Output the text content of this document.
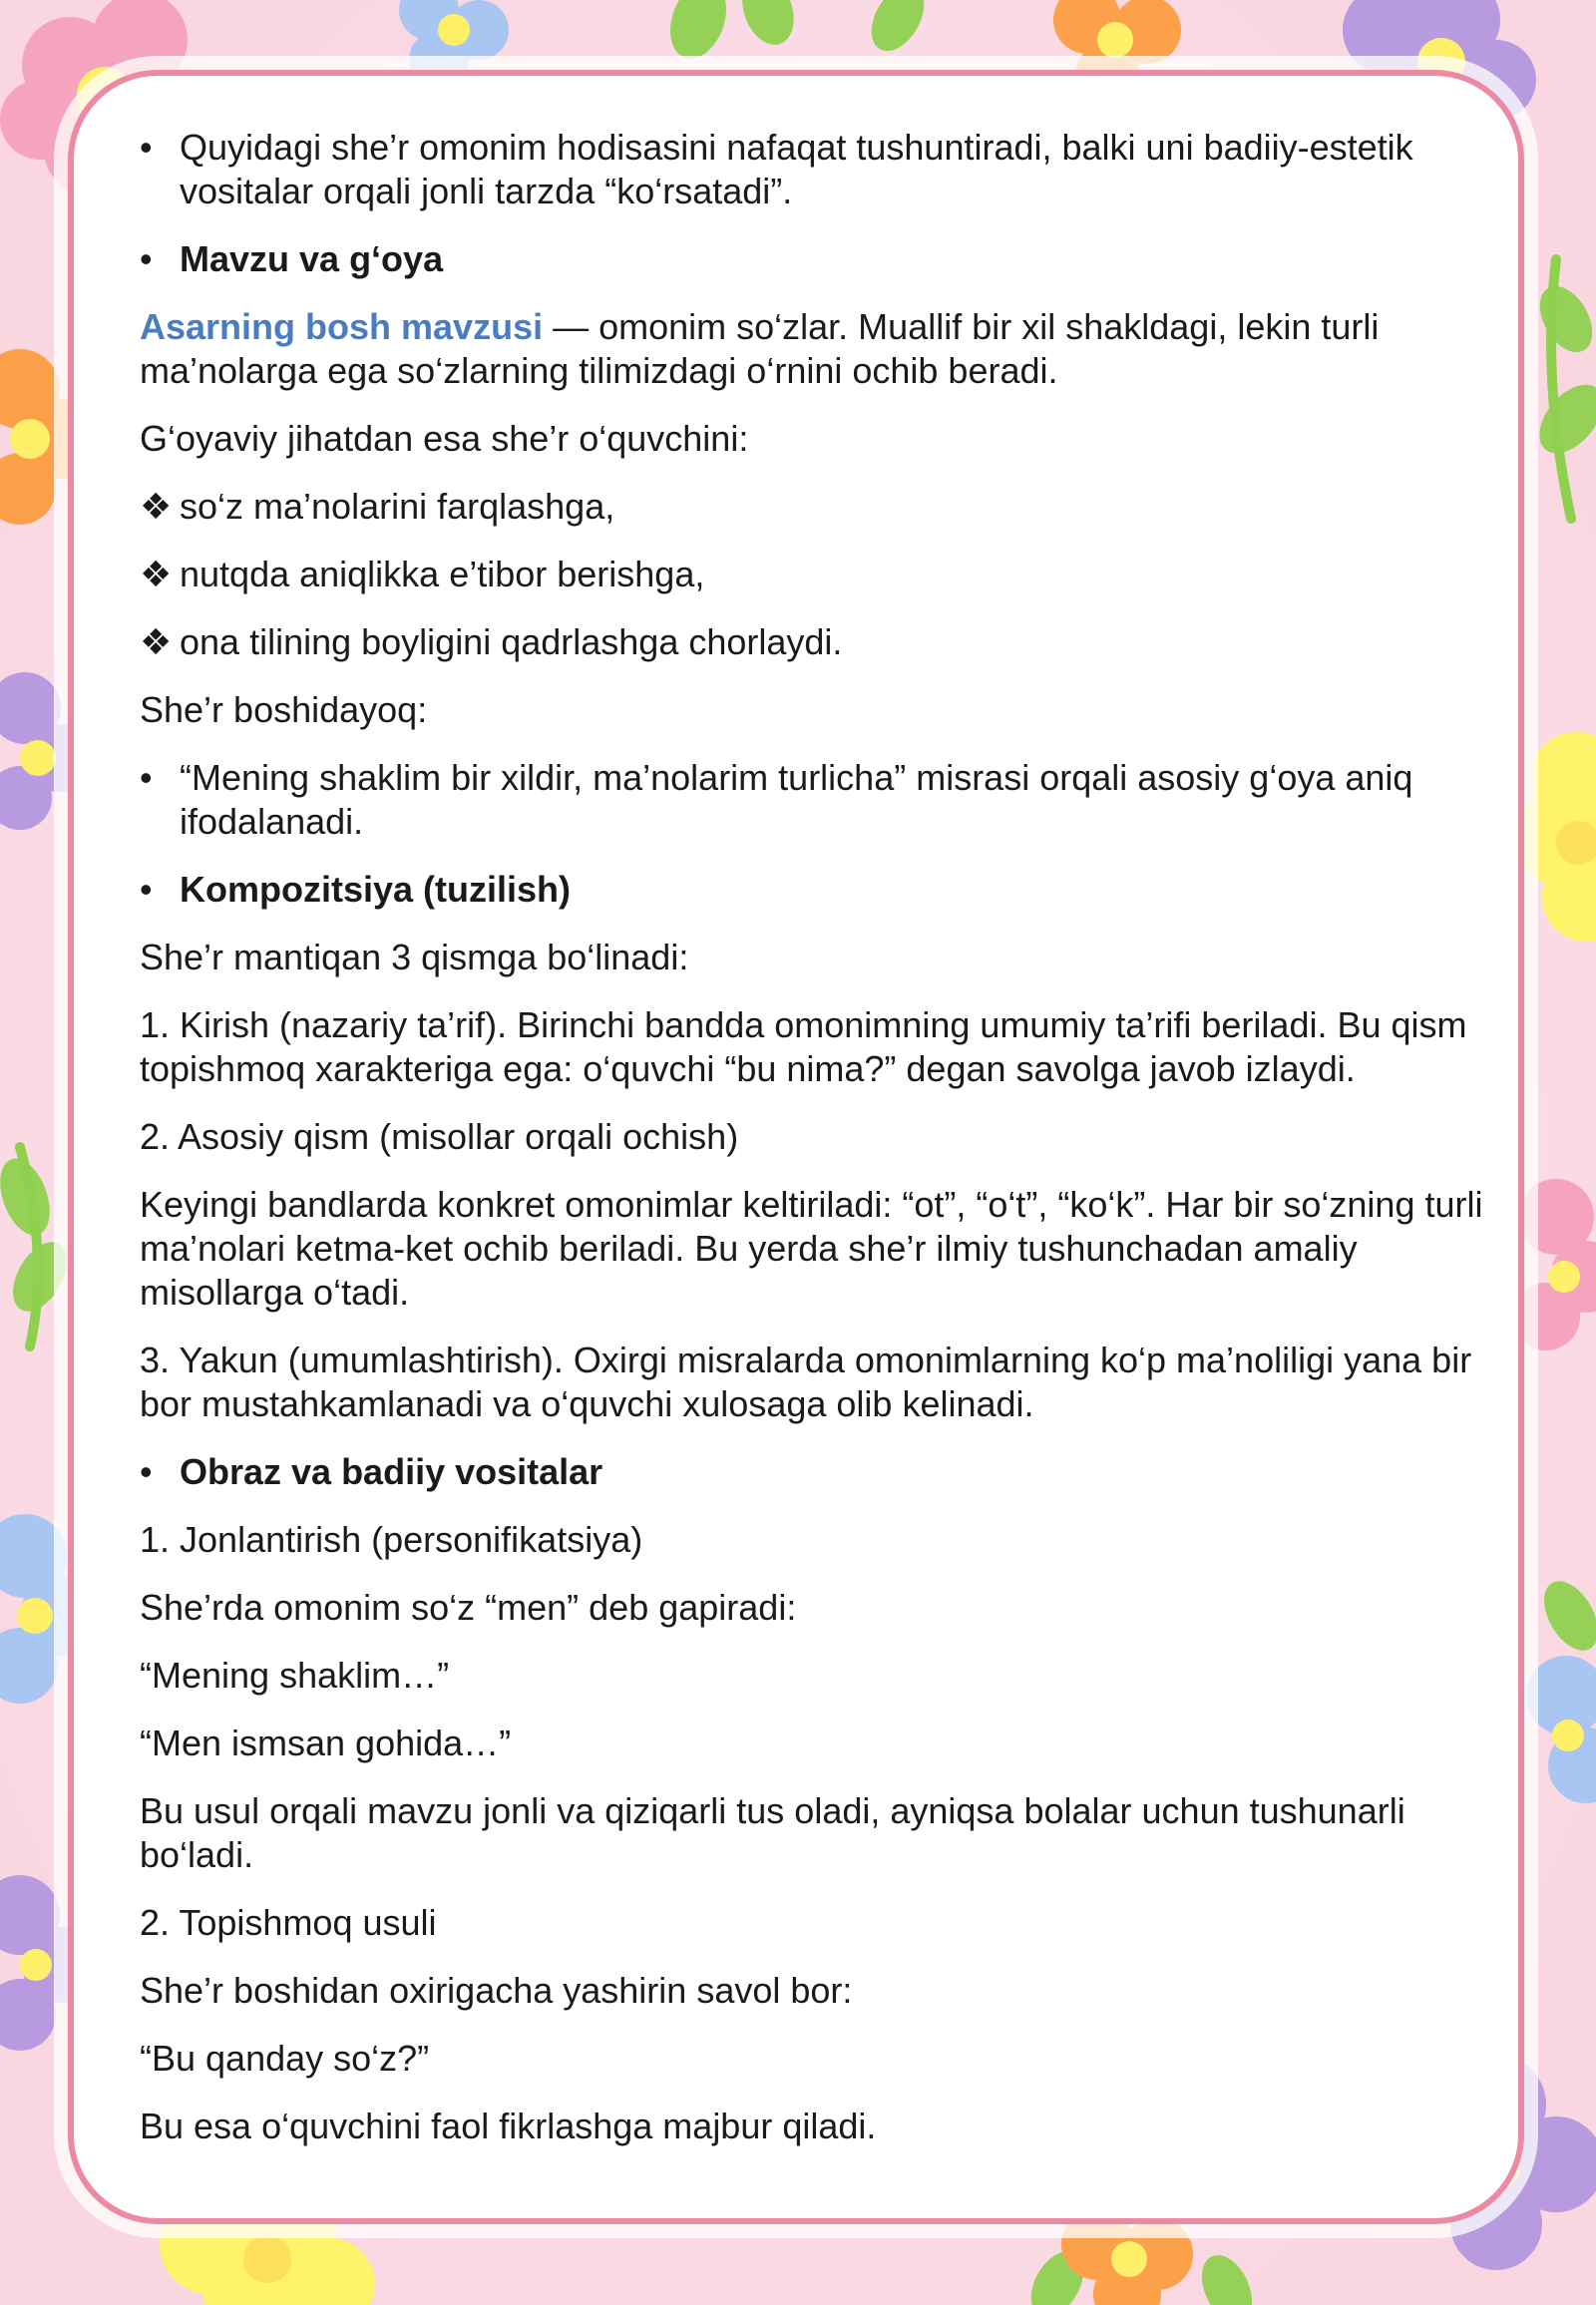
• Quyidagi she’r omonim hodisasini nafaqat tushuntiradi, balki uni badiiy-estetik vositalar orqali jonli tarzda “ko‘rsatadi”.
• Mavzu va g‘oya

Asarning bosh mavzusi — omonim so‘zlar. Muallif bir xil shakldagi, lekin turli ma’nolarga ega so‘zlarning tilimizdagi o‘rnini ochib beradi.

G‘oyaviy jihatdan esa she’r o‘quvchini:

❖ so‘z ma’nolarini farqlashga,
❖ nutqda aniqlikka e’tibor berishga,
❖ ona tilining boyligini qadrlashga chorlaydi.

She’r boshidayoq:

• “Mening shaklim bir xildir, ma’nolarim turlicha” misrasi orqali asosiy g‘oya aniq ifodalanadi.
• Kompozitsiya (tuzilish)

She’r mantiqan 3 qismga bo‘linadi:

1. Kirish (nazariy ta’rif). Birinchi bandda omonimning umumiy ta’rifi beriladi. Bu qism topishmoq xarakteriga ega: o‘quvchi “bu nima?” degan savolga javob izlaydi.

2. Asosiy qism (misollar orqali ochish)

Keyingi bandlarda konkret omonimlar keltiriladi: “ot”, “o‘t”, “ko‘k”. Har bir so‘zning turli ma’nolari ketma-ket ochib beriladi. Bu yerda she’r ilmiy tushunchadan amaliy misollarga o‘tadi.

3. Yakun (umumlashtirish). Oxirgi misralarda omonimlarning ko‘p ma’noliligi yana bir bor mustahkamlanadi va o‘quvchi xulosaga olib kelinadi.

• Obraz va badiiy vositalar

1. Jonlantirish (personifikatsiya)

She’rda omonim so‘z “men” deb gapiradi:

“Mening shaklim…”

“Men ismsan gohida…”

Bu usul orqali mavzu jonli va qiziqarli tus oladi, ayniqsa bolalar uchun tushunarli bo‘ladi.

2. Topishmoq usuli

She’r boshidan oxirigacha yashirin savol bor:

“Bu qanday so‘z?”

Bu esa o‘quvchini faol fikrlashga majbur qiladi.
